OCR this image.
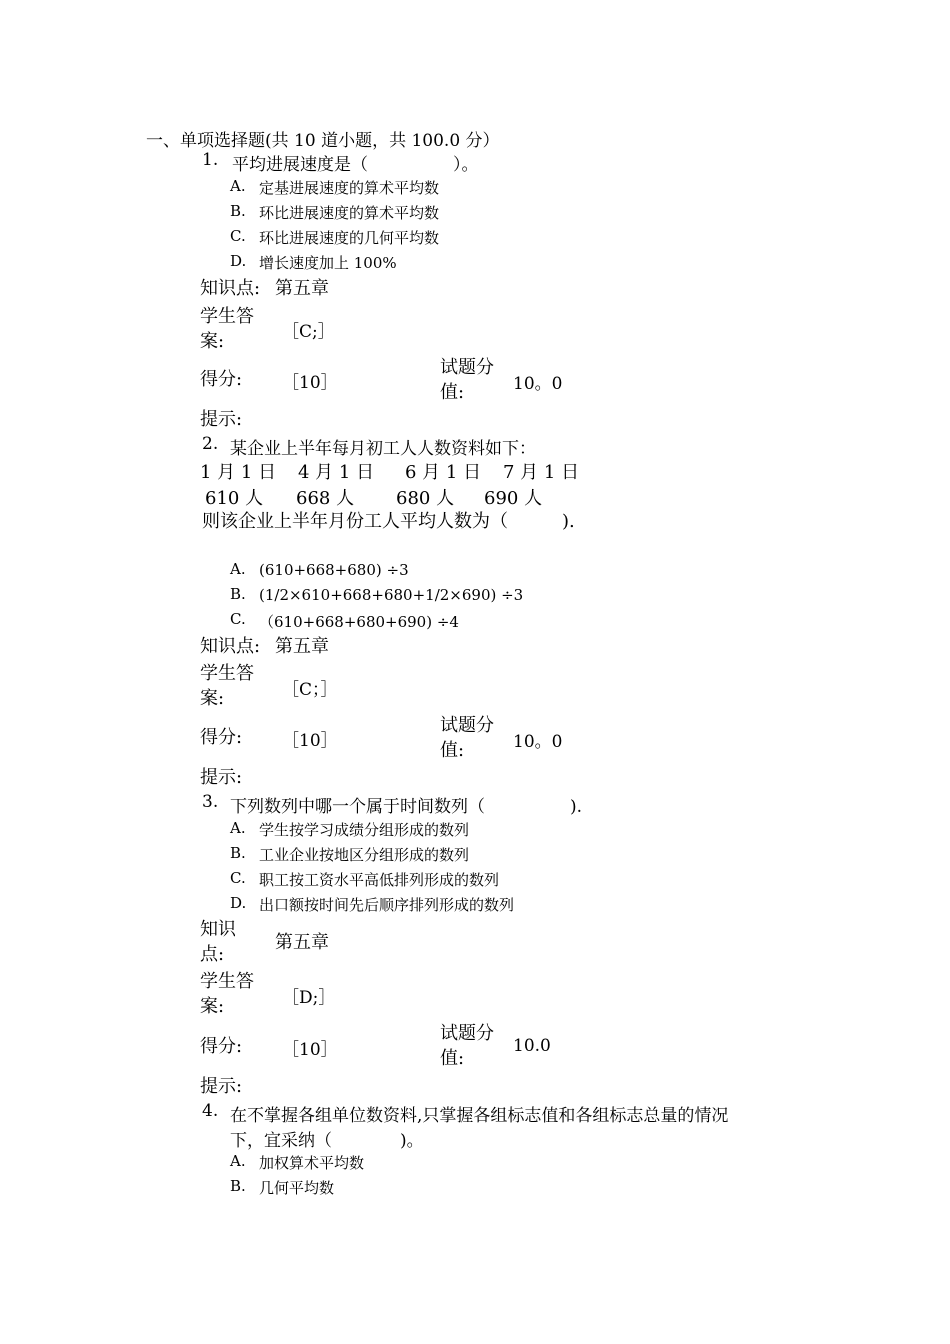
一、单项选择题(共 10 道小题，共 100.0 分）
1. 平均进展速度是（　　　　　）。
A. 定基进展速度的算术平均数
B. 环比进展速度的算术平均数
C. 环比进展速度的几何平均数
D. 增长速度加上 100%
知识点: 第五章
学生答
案:	［C;］
得分: ［10］
试题分
值:	10。0
提示:
2. 某企业上半年每月初工人人数资料如下：
1 月 1 日 4 月 1 日 6 月 1 日 7 月 1 日
610 人 668 人 680 人 690 人
则该企业上半年月份工人平均人数为（　　　).
A. (610+668+680) ÷3
B. (1/2×610+668+680+1/2×690) ÷3
C. （610+668+680+690) ÷4
知识点: 第五章
学生答
案:	［C；］
得分: ［10］
试题分
值:	10。0
提示:
3. 下列数列中哪一个属于时间数列（　　　　　).
A. 学生按学习成绩分组形成的数列
B. 工业企业按地区分组形成的数列
C. 职工按工资水平高低排列形成的数列
D. 出口额按时间先后顺序排列形成的数列
知识
点:
第五章
学生答
案:	［D;］
得分: ［10］
试题分
值:
10.0
提示:
4. 在不掌握各组单位数资料,只掌握各组标志值和各组标志总量的情况
下，宜采纳（　　　　)。
A. 加权算术平均数
B. 几何平均数
